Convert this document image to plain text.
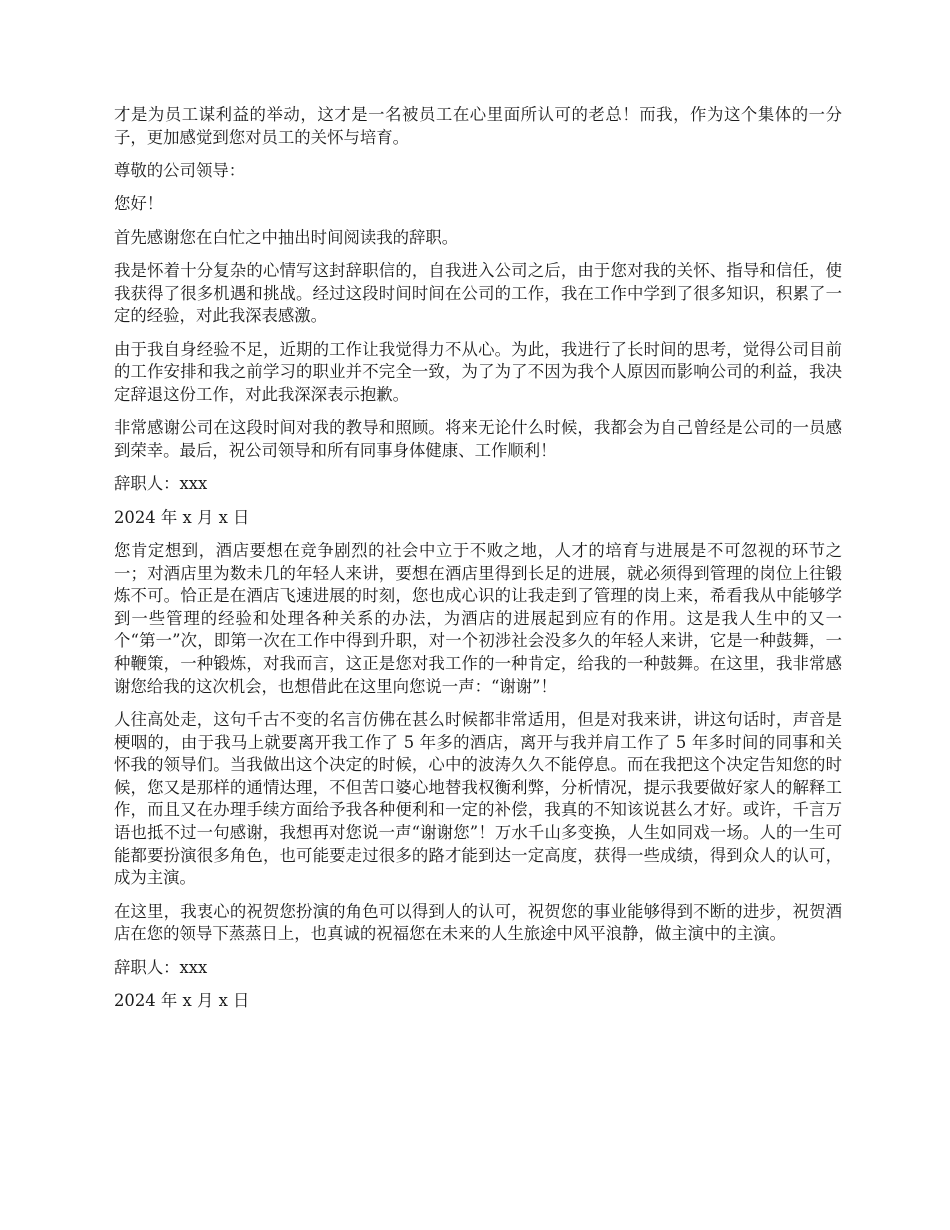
才是为员工谋利益的举动，这才是一名被员工在心里面所认可的老总！而我，作为这个集体的一分子，更加感觉到您对员工的关怀与培育。

尊敬的公司领导：

您好！

首先感谢您在白忙之中抽出时间阅读我的辞职。

我是怀着十分复杂的心情写这封辞职信的，自我进入公司之后，由于您对我的关怀、指导和信任，使我获得了很多机遇和挑战。经过这段时间时间在公司的工作，我在工作中学到了很多知识，积累了一定的经验，对此我深表感激。

由于我自身经验不足，近期的工作让我觉得力不从心。为此，我进行了长时间的思考，觉得公司目前的工作安排和我之前学习的职业并不完全一致，为了为了不因为我个人原因而影响公司的利益，我决定辞退这份工作，对此我深深表示抱歉。

非常感谢公司在这段时间对我的教导和照顾。将来无论什么时候，我都会为自己曾经是公司的一员感到荣幸。最后，祝公司领导和所有同事身体健康、工作顺利！

辞职人：xxx

2024 年 x 月 x 日

您肯定想到，酒店要想在竞争剧烈的社会中立于不败之地，人才的培育与进展是不可忽视的环节之一；对酒店里为数未几的年轻人来讲，要想在酒店里得到长足的进展，就必须得到管理的岗位上往锻炼不可。恰正是在酒店飞速进展的时刻，您也成心识的让我走到了管理的岗上来，希看我从中能够学到一些管理的经验和处理各种关系的办法，为酒店的进展起到应有的作用。这是我人生中的又一个“第一”次，即第一次在工作中得到升职，对一个初涉社会没多久的年轻人来讲，它是一种鼓舞，一种鞭策，一种锻炼，对我而言，这正是您对我工作的一种肯定，给我的一种鼓舞。在这里，我非常感谢您给我的这次机会，也想借此在这里向您说一声：“谢谢”！

人往高处走，这句千古不变的名言仿佛在甚么时候都非常适用，但是对我来讲，讲这句话时，声音是梗咽的，由于我马上就要离开我工作了 5 年多的酒店，离开与我并肩工作了 5 年多时间的同事和关怀我的领导们。当我做出这个决定的时候，心中的波涛久久不能停息。而在我把这个决定告知您的时候，您又是那样的通情达理，不但苦口婆心地替我权衡利弊，分析情况，提示我要做好家人的解释工作，而且又在办理手续方面给予我各种便利和一定的补偿，我真的不知该说甚么才好。或许，千言万语也抵不过一句感谢，我想再对您说一声“谢谢您”！万水千山多变换，人生如同戏一场。人的一生可能都要扮演很多角色，也可能要走过很多的路才能到达一定高度，获得一些成绩，得到众人的认可，成为主演。

在这里，我衷心的祝贺您扮演的角色可以得到人的认可，祝贺您的事业能够得到不断的进步，祝贺酒店在您的领导下蒸蒸日上，也真诚的祝福您在未来的人生旅途中风平浪静，做主演中的主演。

辞职人：xxx

2024 年 x 月 x 日
